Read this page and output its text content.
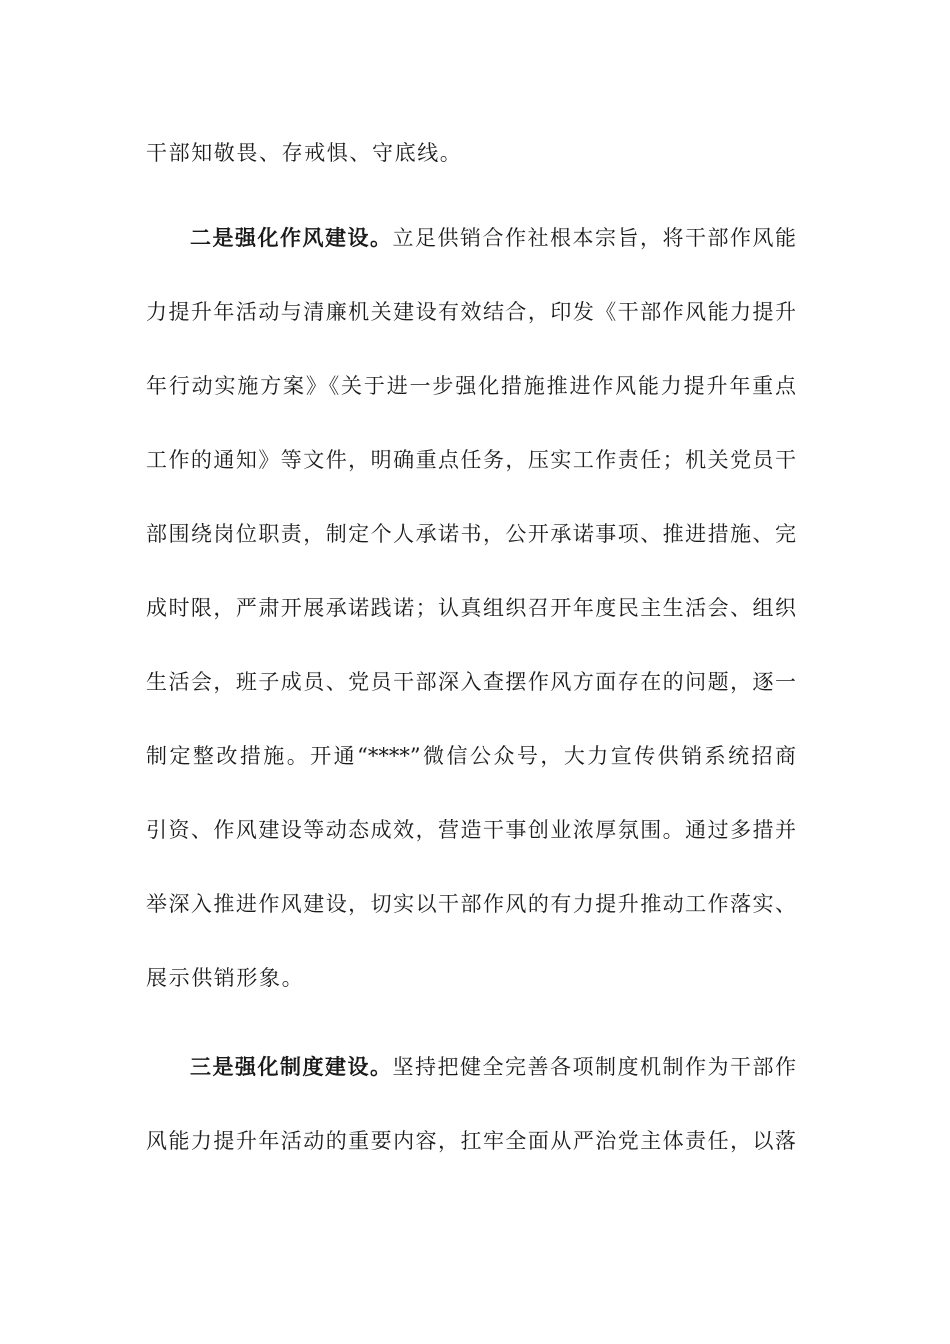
干部知敬畏、存戒惧、守底线。
二是强化作风建设。立足供销合作社根本宗旨，将干部作风能
力提升年活动与清廉机关建设有效结合，印发《干部作风能力提升
年行动实施方案》《关于进一步强化措施推进作风能力提升年重点
工作的通知》等文件，明确重点任务，压实工作责任；机关党员干
部围绕岗位职责，制定个人承诺书，公开承诺事项、推进措施、完
成时限，严肃开展承诺践诺；认真组织召开年度民主生活会、组织
生活会，班子成员、党员干部深入查摆作风方面存在的问题，逐一
制定整改措施。开通“****”微信公众号，大力宣传供销系统招商
引资、作风建设等动态成效，营造干事创业浓厚氛围。通过多措并
举深入推进作风建设，切实以干部作风的有力提升推动工作落实、
展示供销形象。
三是强化制度建设。坚持把健全完善各项制度机制作为干部作
风能力提升年活动的重要内容，扛牢全面从严治党主体责任，以落
